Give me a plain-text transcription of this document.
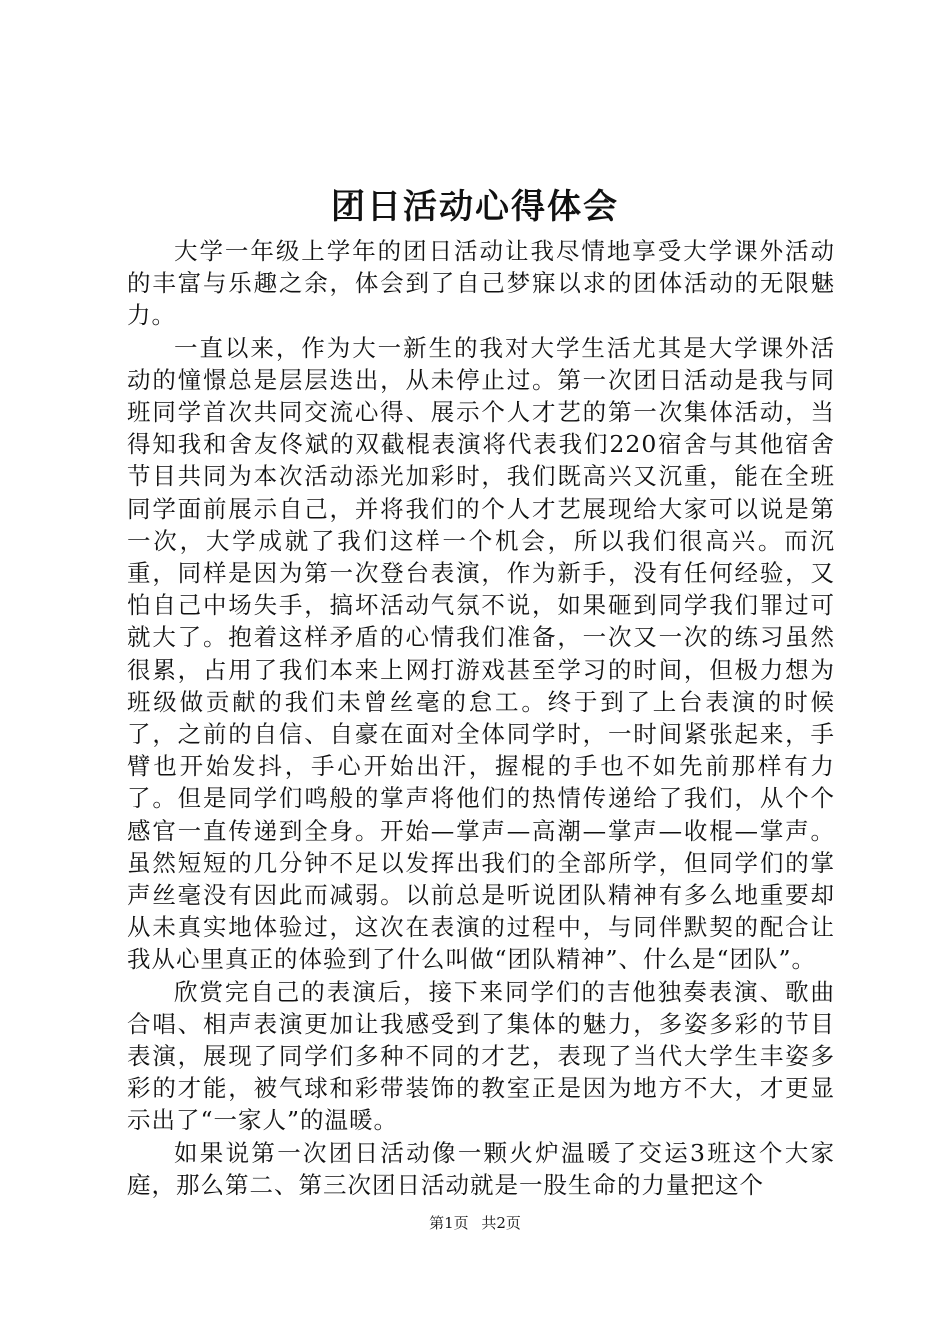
团日活动心得体会

大学一年级上学年的团日活动让我尽情地享受大学课外活动的丰富与乐趣之余，体会到了自己梦寐以求的团体活动的无限魅力。

一直以来，作为大一新生的我对大学生活尤其是大学课外活动的憧憬总是层层迭出，从未停止过。第一次团日活动是我与同班同学首次共同交流心得、展示个人才艺的第一次集体活动，当得知我和舍友佟斌的双截棍表演将代表我们220宿舍与其他宿舍节目共同为本次活动添光加彩时，我们既高兴又沉重，能在全班同学面前展示自己，并将我们的个人才艺展现给大家可以说是第一次，大学成就了我们这样一个机会，所以我们很高兴。而沉重，同样是因为第一次登台表演，作为新手，没有任何经验，又怕自己中场失手，搞坏活动气氛不说，如果砸到同学我们罪过可就大了。抱着这样矛盾的心情我们准备，一次又一次的练习虽然很累，占用了我们本来上网打游戏甚至学习的时间，但极力想为班级做贡献的我们未曾丝毫的怠工。终于到了上台表演的时候了，之前的自信、自豪在面对全体同学时，一时间紧张起来，手臂也开始发抖，手心开始出汗，握棍的手也不如先前那样有力了。但是同学们鸣般的掌声将他们的热情传递给了我们，从个个感官一直传递到全身。开始—掌声—高潮—掌声—收棍—掌声。虽然短短的几分钟不足以发挥出我们的全部所学，但同学们的掌声丝毫没有因此而减弱。以前总是听说团队精神有多么地重要却从未真实地体验过，这次在表演的过程中，与同伴默契的配合让我从心里真正的体验到了什么叫做“团队精神”、什么是“团队”。

欣赏完自己的表演后，接下来同学们的吉他独奏表演、歌曲合唱、相声表演更加让我感受到了集体的魅力，多姿多彩的节目表演，展现了同学们多种不同的才艺，表现了当代大学生丰姿多彩的才能，被气球和彩带装饰的教室正是因为地方不大，才更显示出了“一家人”的温暖。

如果说第一次团日活动像一颗火炉温暖了交运3班这个大家庭，那么第二、第三次团日活动就是一股生命的力量把这个

第1页 共2页
